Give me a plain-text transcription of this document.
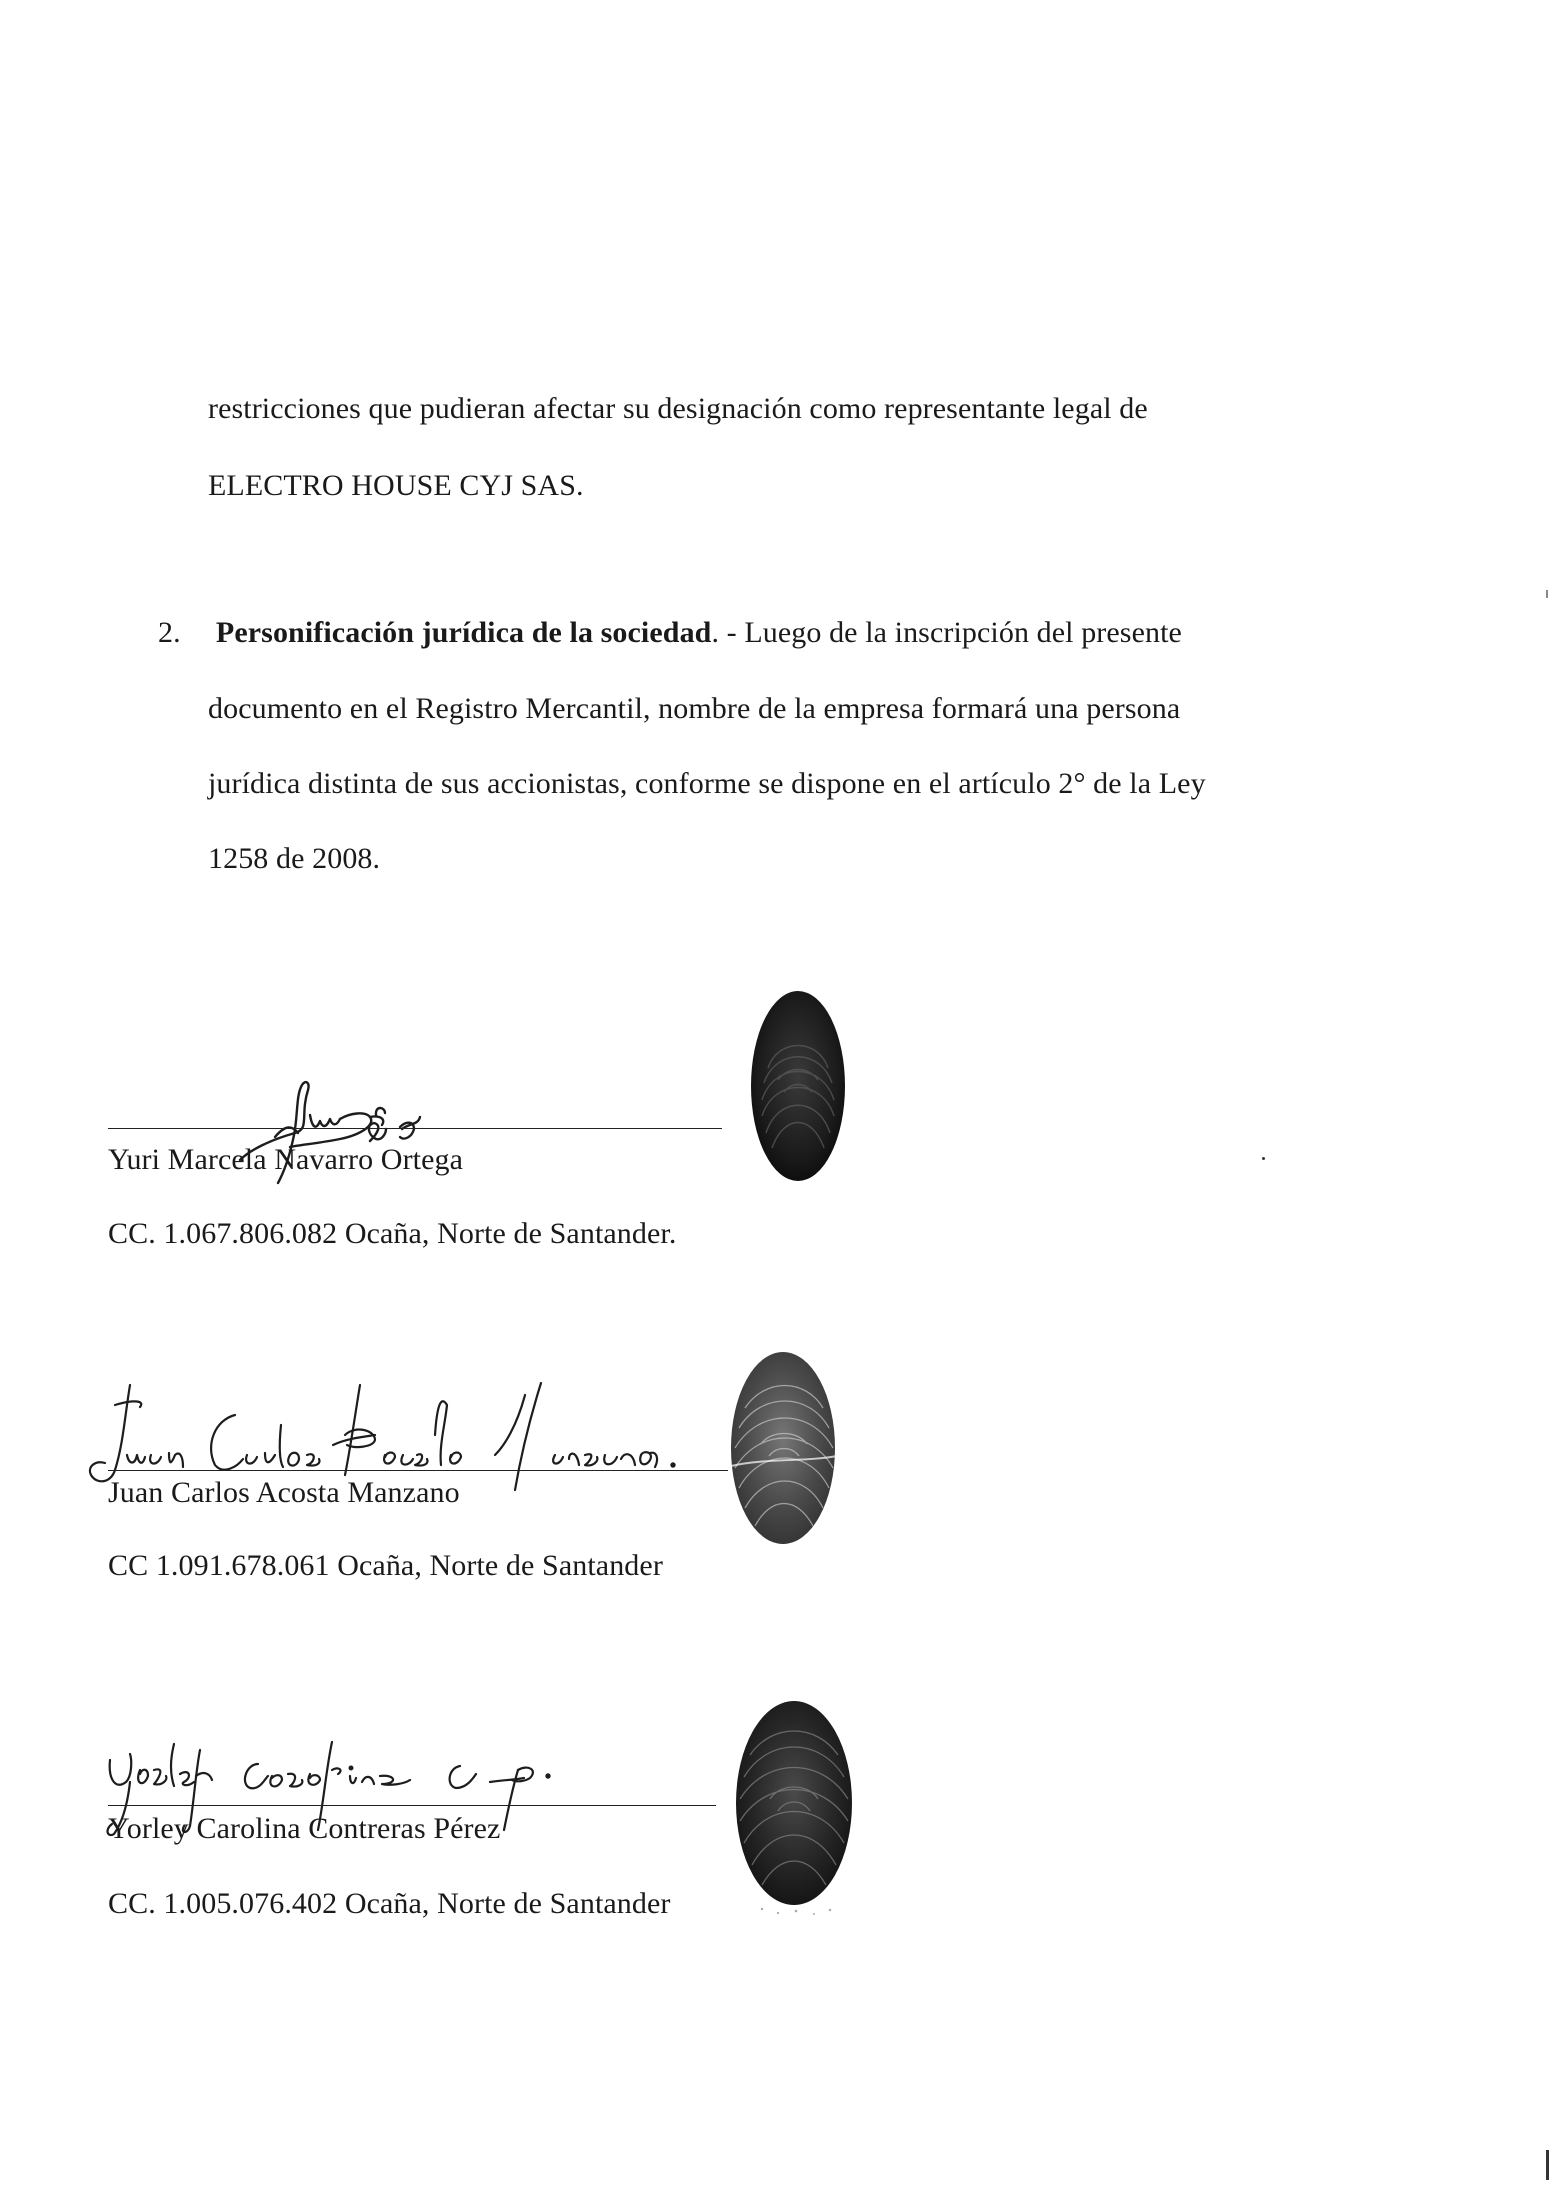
restricciones que pudieran afectar su designación como representante legal de
ELECTRO HOUSE CYJ SAS.
2. Personificación jurídica de la sociedad. - Luego de la inscripción del presente
documento en el Registro Mercantil, nombre de la empresa formará una persona
jurídica distinta de sus accionistas, conforme se dispone en el artículo 2° de la Ley
1258 de 2008.
Yuri Marcela Navarro Ortega
CC. 1.067.806.082 Ocaña, Norte de Santander.
Juan Carlos Acosta Manzano
CC 1.091.678.061 Ocaña, Norte de Santander
Yorley Carolina Contreras Pérez
CC. 1.005.076.402 Ocaña, Norte de Santander
